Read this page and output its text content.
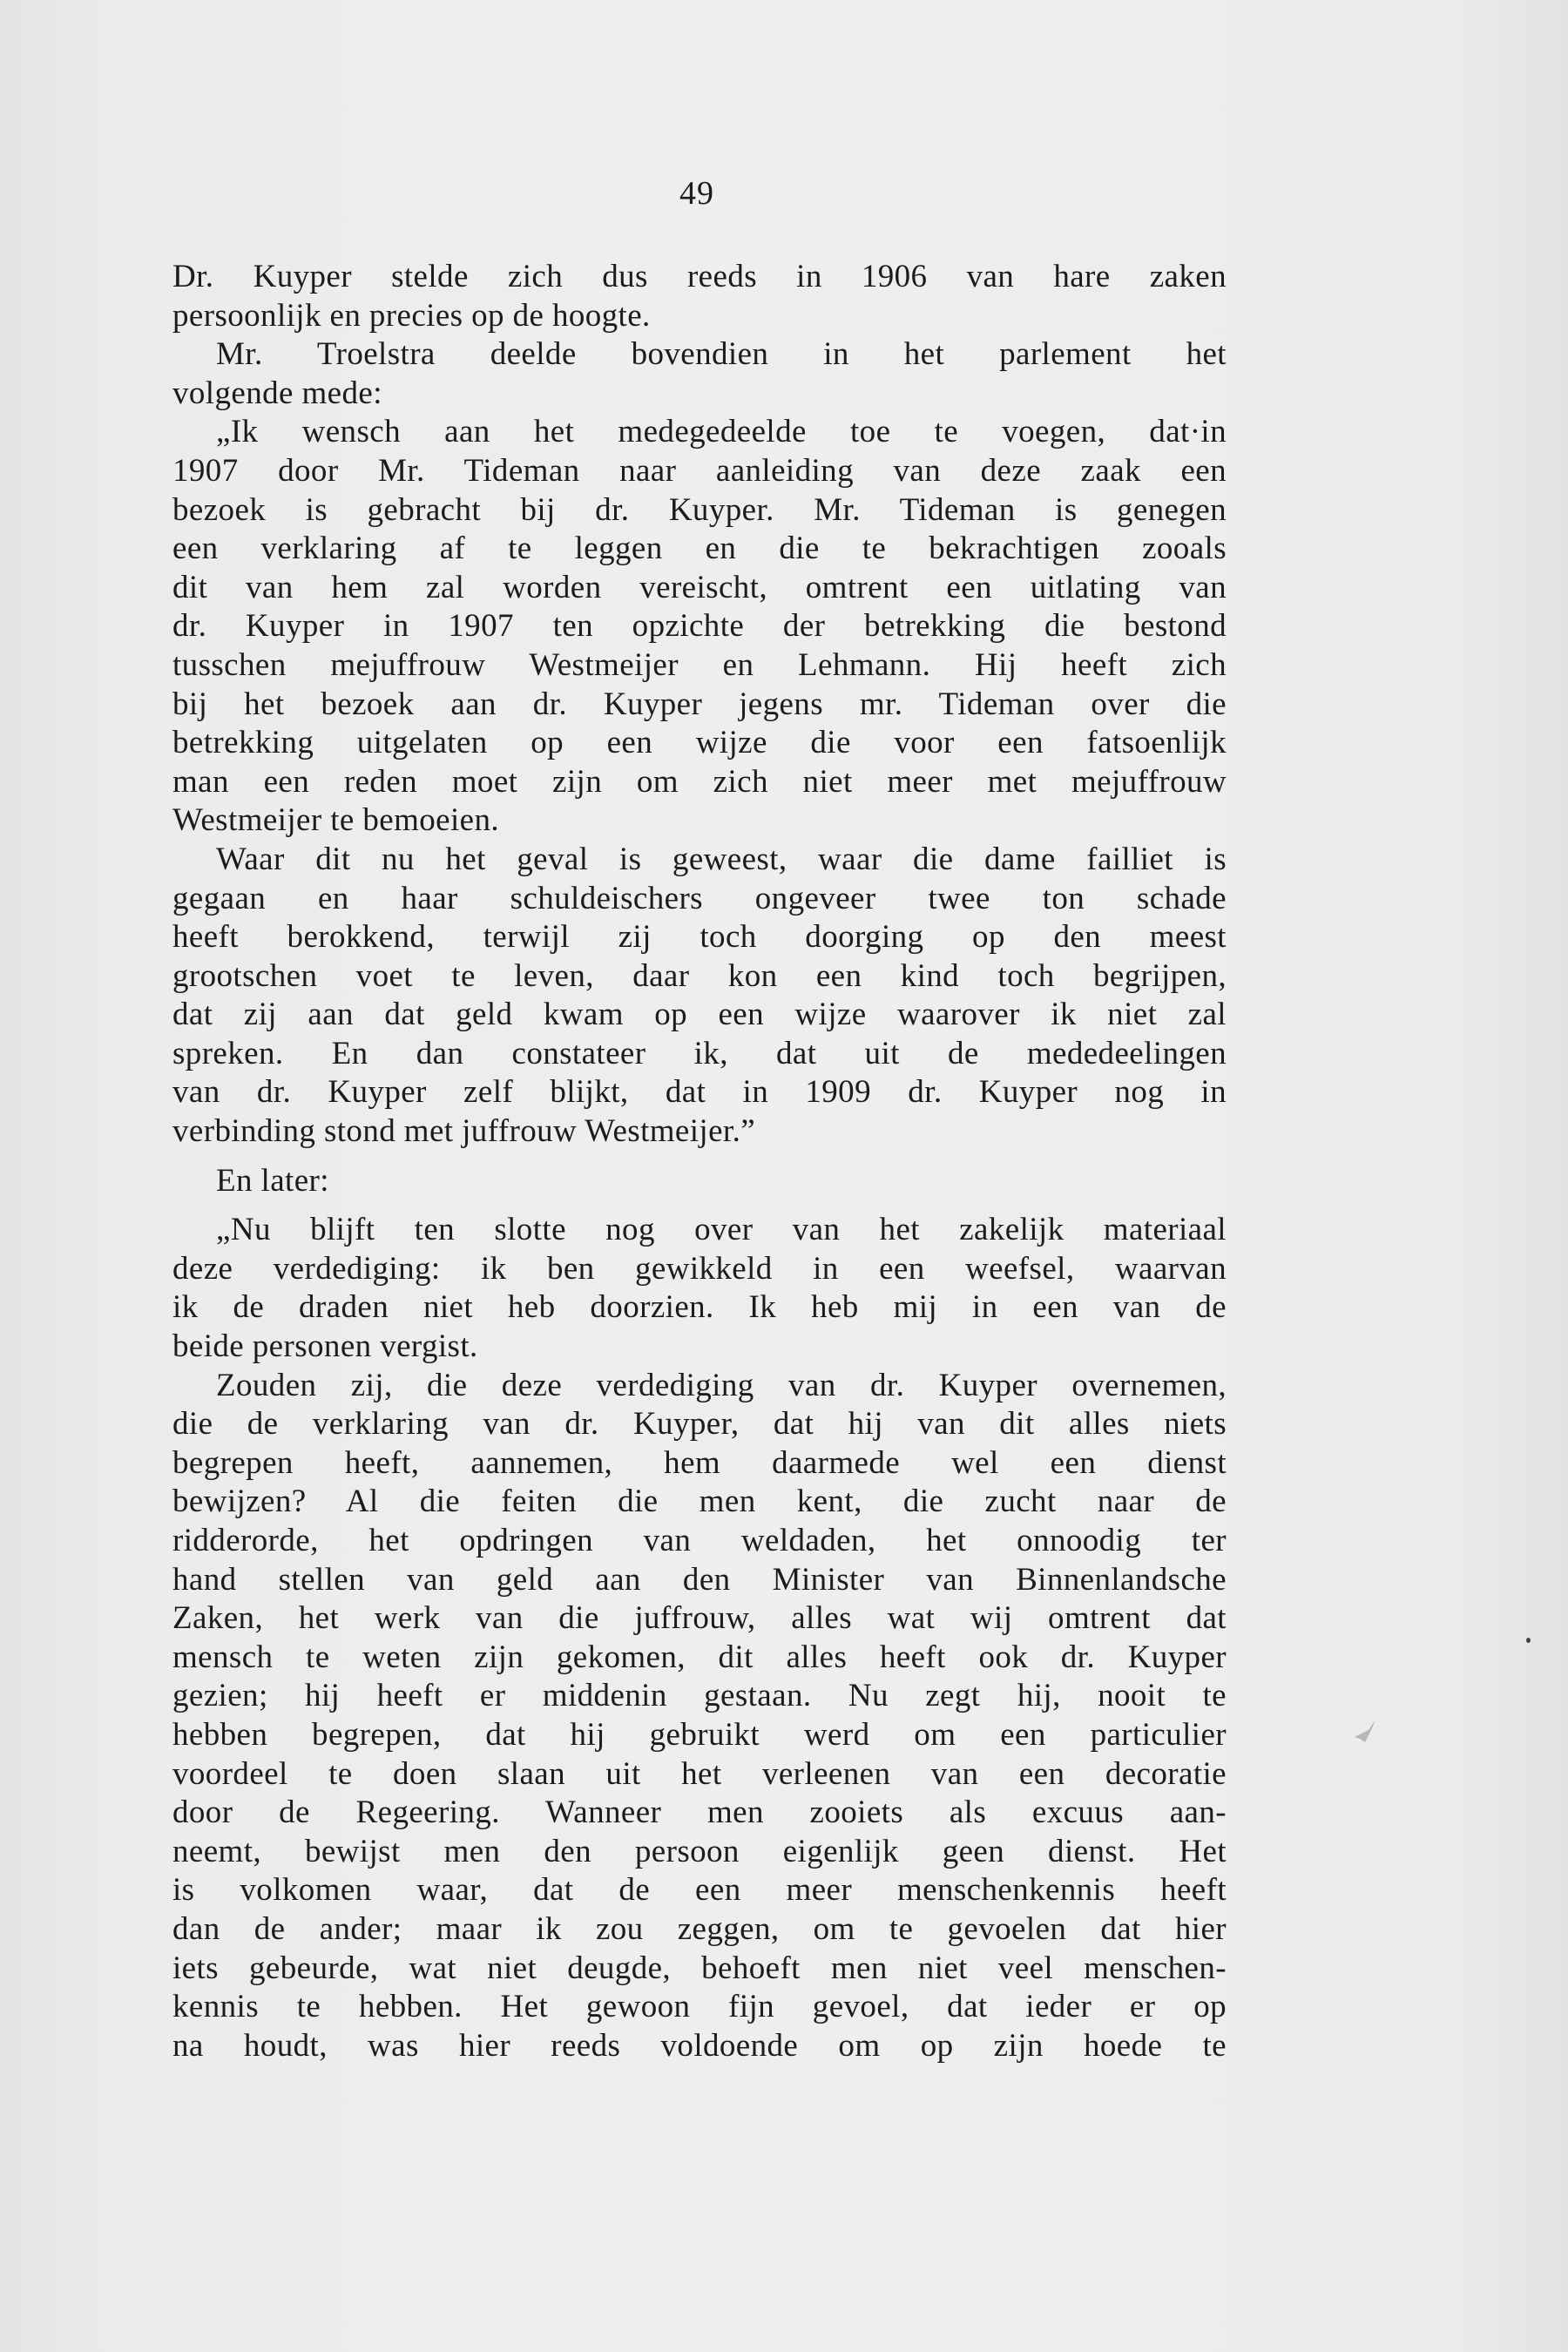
49
Dr. Kuyper stelde zich dus reeds in 1906 van hare zaken
persoonlijk en precies op de hoogte.
Mr. Troelstra deelde bovendien in het parlement het
volgende mede:
„Ik wensch aan het medegedeelde toe te voegen, dat·in
1907 door Mr. Tideman naar aanleiding van deze zaak een
bezoek is gebracht bij dr. Kuyper. Mr. Tideman is genegen
een verklaring af te leggen en die te bekrachtigen zooals
dit van hem zal worden vereischt, omtrent een uitlating van
dr. Kuyper in 1907 ten opzichte der betrekking die bestond
tusschen mejuffrouw Westmeijer en Lehmann. Hij heeft zich
bij het bezoek aan dr. Kuyper jegens mr. Tideman over die
betrekking uitgelaten op een wijze die voor een fatsoenlijk
man een reden moet zijn om zich niet meer met mejuffrouw
Westmeijer te bemoeien.
Waar dit nu het geval is geweest, waar die dame failliet is
gegaan en haar schuldeischers ongeveer twee ton schade
heeft berokkend, terwijl zij toch doorging op den meest
grootschen voet te leven, daar kon een kind toch begrijpen,
dat zij aan dat geld kwam op een wijze waarover ik niet zal
spreken. En dan constateer ik, dat uit de mededeelingen
van dr. Kuyper zelf blijkt, dat in 1909 dr. Kuyper nog in
verbinding stond met juffrouw Westmeijer.”
En later:
„Nu blijft ten slotte nog over van het zakelijk materiaal
deze verdediging: ik ben gewikkeld in een weefsel, waarvan
ik de draden niet heb doorzien. Ik heb mij in een van de
beide personen vergist.
Zouden zij, die deze verdediging van dr. Kuyper overnemen,
die de verklaring van dr. Kuyper, dat hij van dit alles niets
begrepen heeft, aannemen, hem daarmede wel een dienst
bewijzen? Al die feiten die men kent, die zucht naar de
ridderorde, het opdringen van weldaden, het onnoodig ter
hand stellen van geld aan den Minister van Binnenlandsche
Zaken, het werk van die juffrouw, alles wat wij omtrent dat
mensch te weten zijn gekomen, dit alles heeft ook dr. Kuyper
gezien; hij heeft er middenin gestaan. Nu zegt hij, nooit te
hebben begrepen, dat hij gebruikt werd om een particulier
voordeel te doen slaan uit het verleenen van een decoratie
door de Regeering. Wanneer men zooiets als excuus aan-
neemt, bewijst men den persoon eigenlijk geen dienst. Het
is volkomen waar, dat de een meer menschenkennis heeft
dan de ander; maar ik zou zeggen, om te gevoelen dat hier
iets gebeurde, wat niet deugde, behoeft men niet veel menschen-
kennis te hebben. Het gewoon fijn gevoel, dat ieder er op
na houdt, was hier reeds voldoende om op zijn hoede te
